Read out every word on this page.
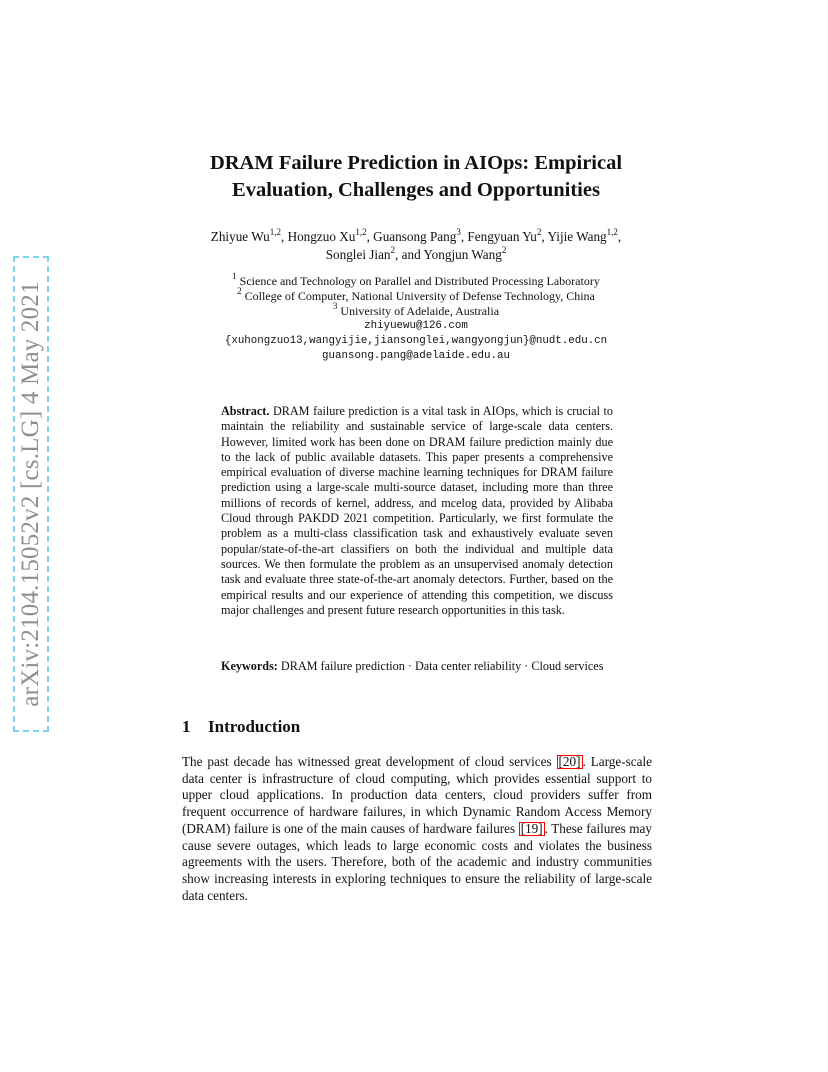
arXiv:2104.15052v2 [cs.LG] 4 May 2021
DRAM Failure Prediction in AIOps: Empirical
Evaluation, Challenges and Opportunities
Zhiyue Wu$^{1,2}$, Hongzuo Xu$^{1,2}$, Guansong Pang$^3$, Fengyuan Yu$^2$, Yijie Wang$^{1,2}$,
Songlei Jian$^2$, and Yongjun Wang$^2$
$^1$ Science and Technology on Parallel and Distributed Processing Laboratory
$^2$ College of Computer, National University of Defense Technology, China
$^3$ University of Adelaide, Australia
zhiyuewu@126.com
{xuhongzuo13,wangyijie,jiansonglei,wangyongjun}@nudt.edu.cn
guansong.pang@adelaide.edu.au
Abstract. DRAM failure prediction is a vital task in AIOps, which is crucial to maintain the reliability and sustainable service of large-scale data centers. However, limited work has been done on DRAM failure prediction mainly due to the lack of public available datasets. This paper presents a comprehensive empirical evaluation of diverse machine learning techniques for DRAM failure prediction using a large-scale multi-source dataset, including more than three millions of records of kernel, address, and mcelog data, provided by Alibaba Cloud through PAKDD 2021 competition. Particularly, we first formulate the problem as a multi-class classification task and exhaustively evaluate seven popular/state-of-the-art classifiers on both the individual and multiple data sources. We then formulate the problem as an unsupervised anomaly detection task and evaluate three state-of-the-art anomaly detectors. Further, based on the empirical results and our experience of attending this competition, we discuss major challenges and present future research opportunities in this task.
Keywords: DRAM failure prediction · Data center reliability · Cloud services
1 Introduction
The past decade has witnessed great development of cloud services [20] . Large-scale data center is infrastructure of cloud computing, which provides essential support to upper cloud applications. In production data centers, cloud providers suffer from frequent occurrence of hardware failures, in which Dynamic Random Access Memory (DRAM) failure is one of the main causes of hardware failures [19] . These failures may cause severe outages, which leads to large economic costs and violates the business agreements with the users. Therefore, both of the academic and industry communities show increasing interests in exploring techniques to ensure the reliability of large-scale data centers.
